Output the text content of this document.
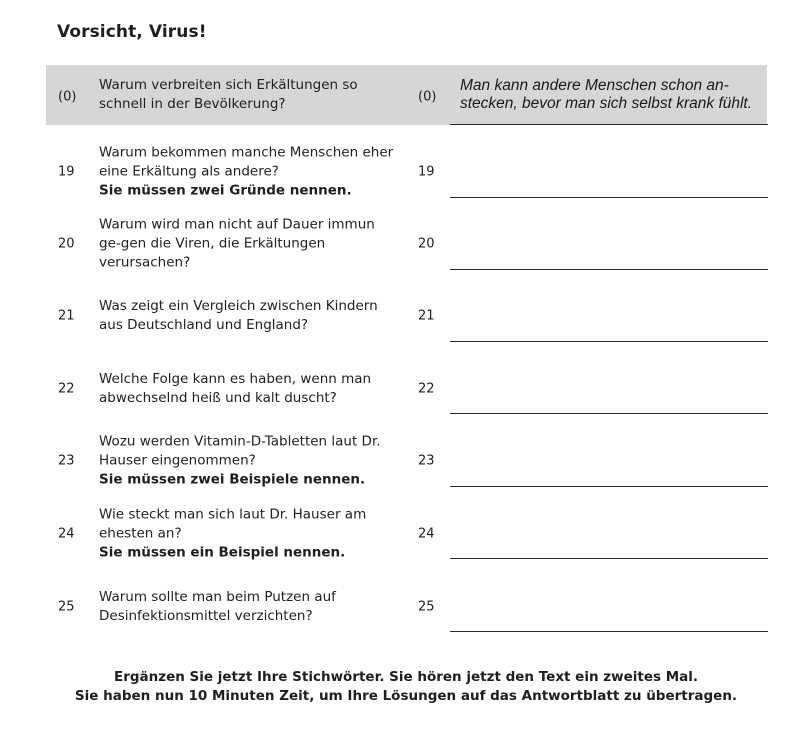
Vorsicht, Virus!
(0)
Warum verbreiten sich Erkältungen so schnell in der Bevölkerung?	(0)
Man kann andere Menschen schon an-stecken, bevor man sich selbst krank fühlt.
19
Warum bekommen manche Menschen eher eine Erkältung als andere?
Sie müssen zwei Gründe nennen.
19
20
Warum wird man nicht auf Dauer immun ge-gen die Viren, die Erkältungen verursachen?
20
21
Was zeigt ein Vergleich zwischen Kindern aus Deutschland und England?
21
22
Welche Folge kann es haben, wenn man abwechselnd heiß und kalt duscht?
22
23
Wozu werden Vitamin-D-Tabletten laut Dr. Hauser eingenommen?
Sie müssen zwei Beispiele nennen.
23
24
Wie steckt man sich laut Dr. Hauser am ehesten an?
Sie müssen ein Beispiel nennen.
24
25
Warum sollte man beim Putzen auf Desinfektionsmittel verzichten?
25
Ergänzen Sie jetzt Ihre Stichwörter. Sie hören jetzt den Text ein zweites Mal.
Sie haben nun 10 Minuten Zeit, um Ihre Lösungen auf das Antwortblatt zu übertragen.
